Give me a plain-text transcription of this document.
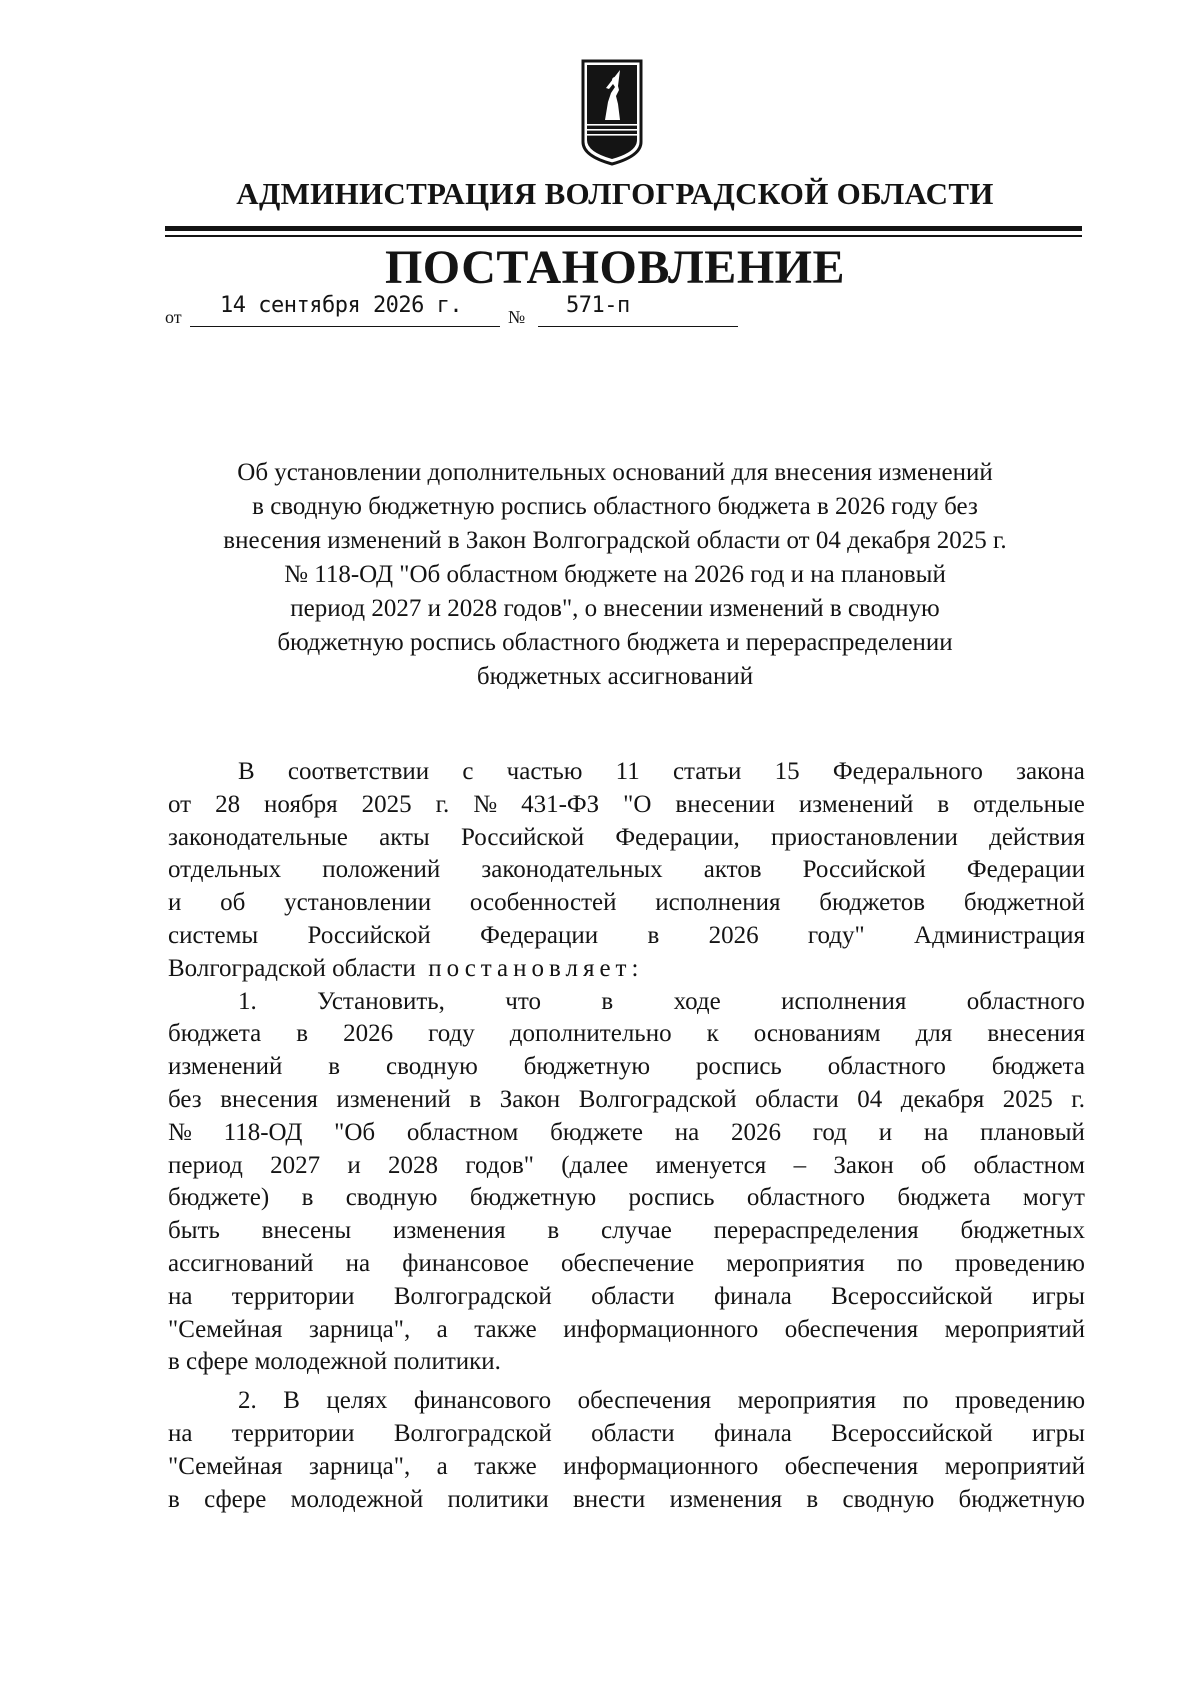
АДМИНИСТРАЦИЯ ВОЛГОГРАДСКОЙ ОБЛАСТИ
ПОСТАНОВЛЕНИЕ
от 14 сентября 2026 г.	№ 571-п
Об установлении дополнительных оснований для внесения изменений
в сводную бюджетную роспись областного бюджета в 2026 году без
внесения изменений в Закон Волгоградской области от 04 декабря 2025 г.
№ 118-ОД "Об областном бюджете на 2026 год и на плановый
период 2027 и 2028 годов", о внесении изменений в сводную
бюджетную роспись областного бюджета и перераспределении
бюджетных ассигнований
В соответствии с частью 11 статьи 15 Федерального закона
от 28 ноября 2025 г. № 431-ФЗ "О внесении изменений в отдельные
законодательные акты Российской Федерации, приостановлении действия
отдельных положений законодательных актов Российской Федерации
и об установлении особенностей исполнения бюджетов бюджетной
системы Российской Федерации в 2026 году" Администрация
Волгоградской области постановляет:
1. Установить, что в ходе исполнения областного
бюджета в 2026 году дополнительно к основаниям для внесения
изменений в сводную бюджетную роспись областного бюджета
без внесения изменений в Закон Волгоградской области 04 декабря 2025 г.
№ 118-ОД "Об областном бюджете на 2026 год и на плановый
период 2027 и 2028 годов" (далее именуется – Закон об областном
бюджете) в сводную бюджетную роспись областного бюджета могут
быть внесены изменения в случае перераспределения бюджетных
ассигнований на финансовое обеспечение мероприятия по проведению
на территории Волгоградской области финала Всероссийской игры
"Семейная зарница", а также информационного обеспечения мероприятий
в сфере молодежной политики.
2. В целях финансового обеспечения мероприятия по проведению
на территории Волгоградской области финала Всероссийской игры
"Семейная зарница", а также информационного обеспечения мероприятий
в сфере молодежной политики внести изменения в сводную бюджетную
